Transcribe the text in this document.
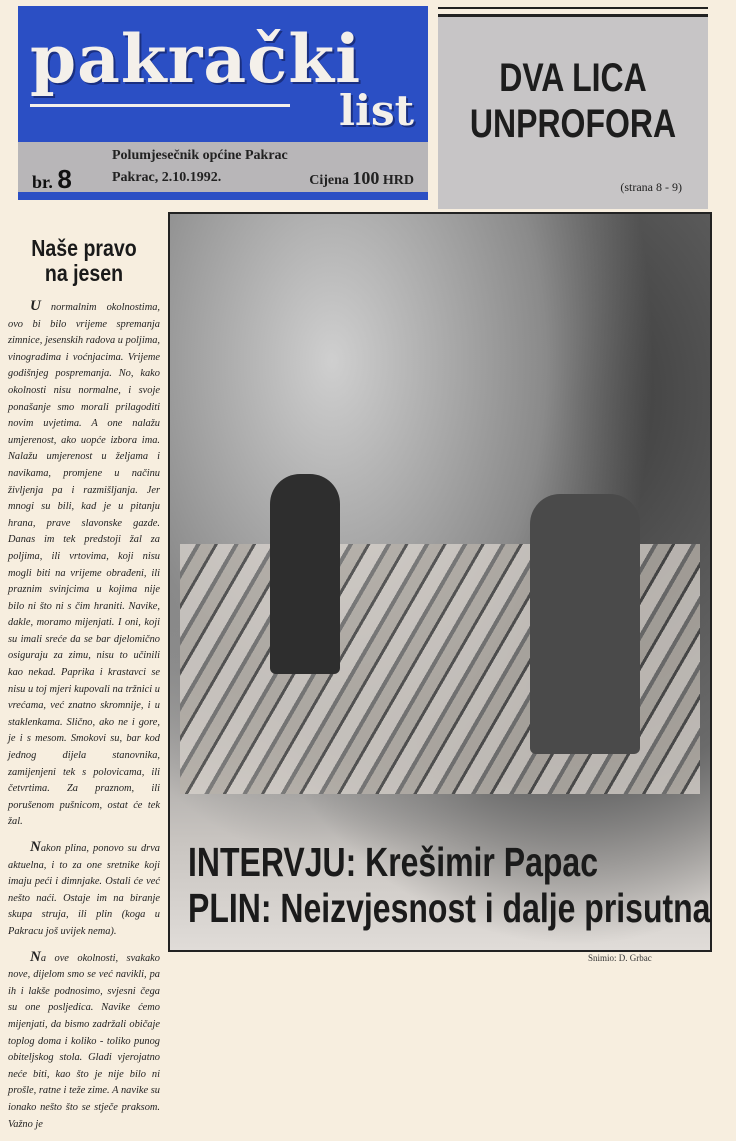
pakrački
list
br. 8
Polumjesečnik općine Pakrac
Pakrac, 2.10.1992.	Cijena 100 HRD
DVA LICA
UNPROFORA
(strana 8 - 9)
Naše pravo
na jesen

U normalnim okolnostima, ovo bi bilo vrijeme spremanja zimnice, jesenskih radova u poljima, vinogradima i voćnjacima. Vrijeme godišnjeg pospremanja. No, kako okolnosti nisu normalne, i svoje ponašanje smo morali prilagoditi novim uvjetima. A one nalažu umjerenost, ako uopće izbora ima. Nalažu umjerenost u željama i navikama, promjene u načinu življenja pa i razmišljanja. Jer mnogi su bili, kad je u pitanju hrana, prave slavonske gazde. Danas im tek predstoji žal za poljima, ili vrtovima, koji nisu mogli biti na vrijeme obrađeni, ili praznim svinjcima u kojima nije bilo ni što ni s čim hraniti. Navike, dakle, moramo mijenjati. I oni, koji su imali sreće da se bar djelomično osiguraju za zimu, nisu to učinili kao nekad. Paprika i krastavci se nisu u toj mjeri kupovali na tržnici u vrećama, već znatno skromnije, i u staklenkama. Slično, ako ne i gore, je i s mesom. Smokovi su, bar kod jednog dijela stanovnika, zamijenjeni tek s polovicama, ili četvrtima. Za praznom, ili porušenom pušnicom, ostat će tek žal.

Nakon plina, ponovo su drva aktuelna, i to za one sretnike koji imaju peći i dimnjake. Ostali će već nešto naći. Ostaje im na biranje skupa struja, ili plin (koga u Pakracu još uvijek nema).

Na ove okolnosti, svakako nove, dijelom smo se već navikli, pa ih i lakše podnosimo, svjesni čega su one posljedica. Navike ćemo mijenjati, da bismo zadržali običaje toplog doma i koliko - toliko punog obiteljskog stola. Gladi vjerojatno neće biti, kao što je nije bilo ni prošle, ratne i teže zime. A navike su ionako nešto što se stječe praksom. Važno je

INTERVJU: Krešimir Papac
PLIN: Neizvjesnost i dalje prisutna
Snimio: D. Grbac
